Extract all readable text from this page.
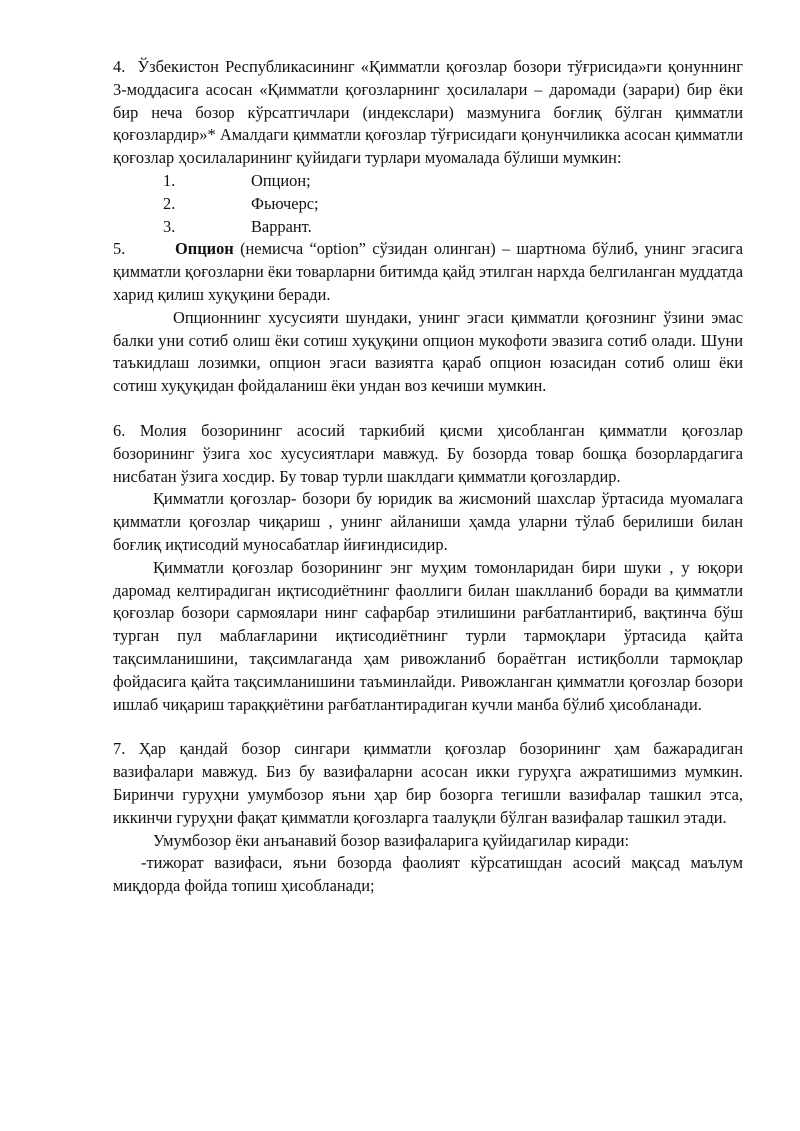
4.  Ўзбекистон Республикасининг «Қимматли қоғозлар бозори тўғрисида»ги қонуннинг 3-моддасига асосан «Қимматли қоғозларнинг ҳосилалари – даромади (зарари) бир ёки бир неча бозор кўрсатгичлари (индекслари) мазмунига боғлиқ бўлган қимматли қоғозлардир»* Амалдаги қимматли қоғозлар тўғрисидаги қонунчиликка асосан қимматли қоғозлар ҳосилаларининг қуйидаги турлари муомалада бўлиши мумкин:

1.	Опцион;
2.	Фьючерс;
3.	Варрант.

5.	Опцион (немисча “option” сўзидан олинган) – шартнома бўлиб, унинг эгасига қимматли қоғозларни ёки товарларни битимда қайд этилган нархда белгиланган муддатда харид қилиш хуқуқини беради.

Опционнинг хусусияти шундаки, унинг эгаси қимматли қоғознинг ўзини эмас балки уни сотиб олиш ёки сотиш хуқуқини опцион мукофоти эвазига сотиб олади. Шуни таъкидлаш лозимки, опцион эгаси вазиятга қараб опцион юзасидан сотиб олиш ёки сотиш хуқуқидан фойдаланиш ёки ундан воз кечиши мумкин.

6. Молия бозорининг асосий таркибий қисми ҳисобланган қимматли қоғозлар бозорининг ўзига хос хусусиятлари мавжуд. Бу бозорда товар бошқа бозорлардагига нисбатан ўзига хосдир. Бу товар турли шаклдаги қимматли қоғозлардир.

Қимматли қоғозлар- бозори бу юридик ва жисмоний шахслар ўртасида муомалага қимматли қоғозлар чиқариш , унинг айланиши ҳамда уларни тўлаб берилиши билан боғлиқ иқтисодий муносабатлар йиғиндисидир.

Қимматли қоғозлар бозорининг энг муҳим томонларидан бири шуки , у юқори даромад келтирадиган иқтисодиётнинг фаоллиги билан шаклланиб боради ва қимматли қоғозлар бозори сармоялари нинг сафарбар этилишини рағбатлантириб, вақтинча бўш турган пул маблағларини иқтисодиётнинг турли тармоқлари ўртасида қайта тақсимланишини, тақсимлаганда ҳам ривожланиб бораётган истиқболли тармоқлар фойдасига қайта тақсимланишини таъминлайди. Ривожланган қимматли қоғозлар бозори ишлаб чиқариш тараққиётини рағбатлантирадиган кучли манба бўлиб ҳисобланади.

7. Ҳар қандай бозор сингари қимматли қоғозлар бозорининг ҳам бажарадиган вазифалари мавжуд. Биз бу вазифаларни асосан икки гуруҳга ажратишимиз мумкин. Биринчи гуруҳни умумбозор яъни ҳар бир бозорга тегишли вазифалар ташкил этса, иккинчи гуруҳни фақат қимматли қоғозларга таалуқли бўлган вазифалар ташкил этади.

Умумбозор ёки анъанавий бозор вазифаларига қуйидагилар киради:

-тижорат вазифаси, яъни бозорда фаолият кўрсатишдан асосий мақсад маълум миқдорда фойда топиш ҳисобланади;
